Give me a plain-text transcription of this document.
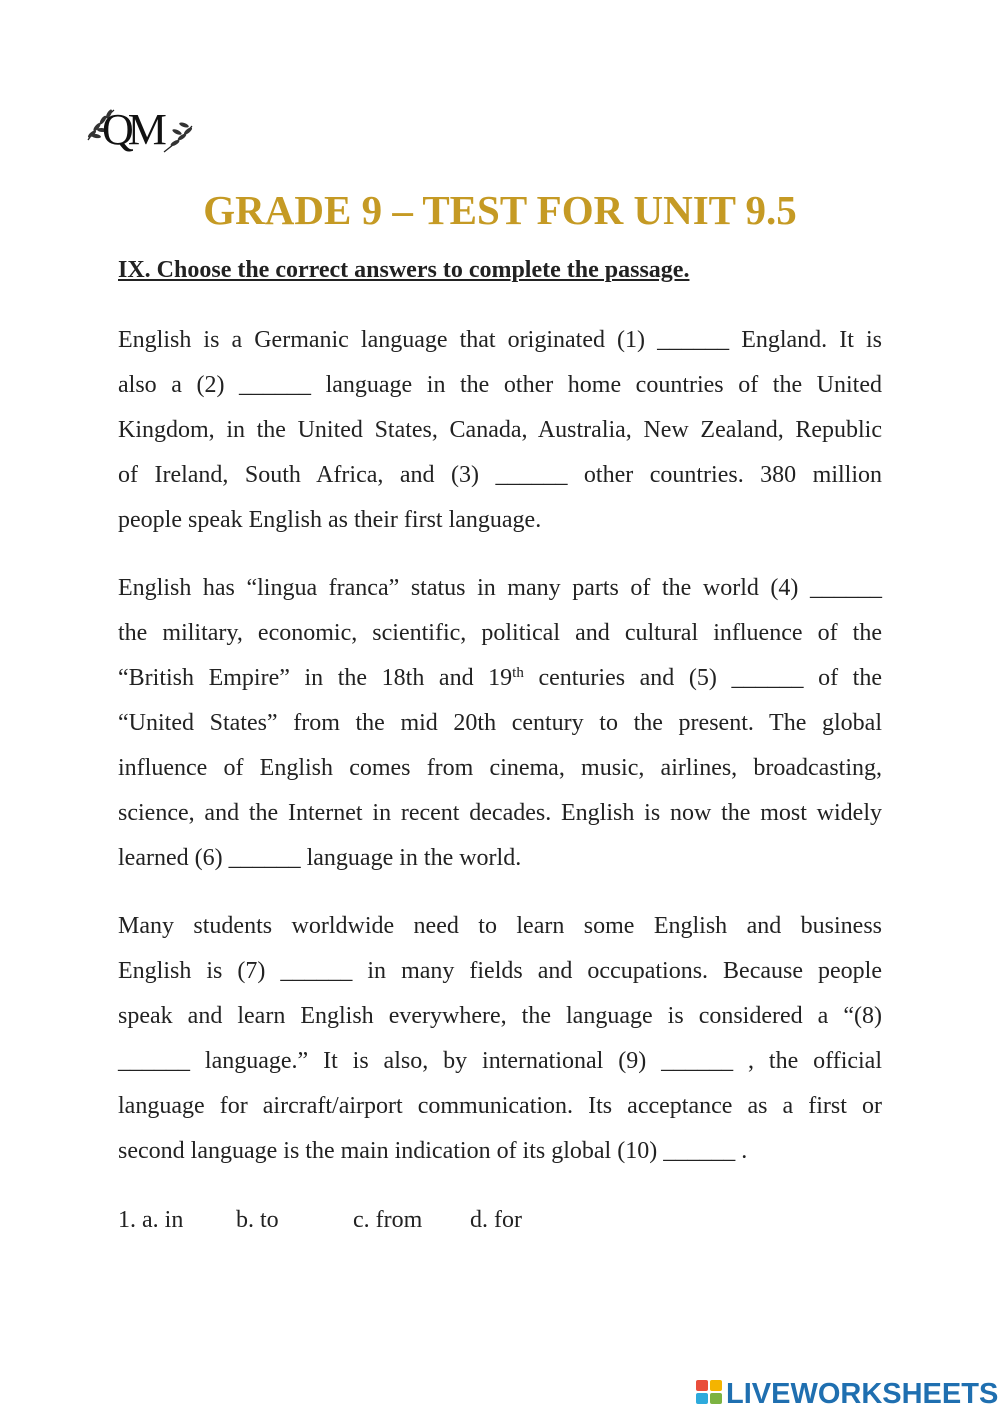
QM
GRADE 9 – TEST FOR UNIT 9.5

IX. Choose the correct answers to complete the passage.

English is a Germanic language that originated (1) ______ England. It is
also a (2) ______ language in the other home countries of the United
Kingdom, in the United States, Canada, Australia, New Zealand, Republic
of Ireland, South Africa, and (3) ______ other countries. 380 million
people speak English as their first language.
English has “lingua franca” status in many parts of the world (4) ______
the military, economic, scientific, political and cultural influence of the
“British Empire” in the 18th and 19th centuries and (5) ______ of the
“United States” from the mid 20th century to the present. The global
influence of English comes from cinema, music, airlines, broadcasting,
science, and the Internet in recent decades. English is now the most widely
learned (6) ______ language in the world.
Many students worldwide need to learn some English and business
English is (7) ______ in many fields and occupations. Because people
speak and learn English everywhere, the language is considered a “(8)
______ language.” It is also, by international (9) ______ , the official
language for aircraft/airport communication. Its acceptance as a first or
second language is the main indication of its global (10) ______ .
1. a. in b. to	c. from d. for
LIVEWORKSHEETS
